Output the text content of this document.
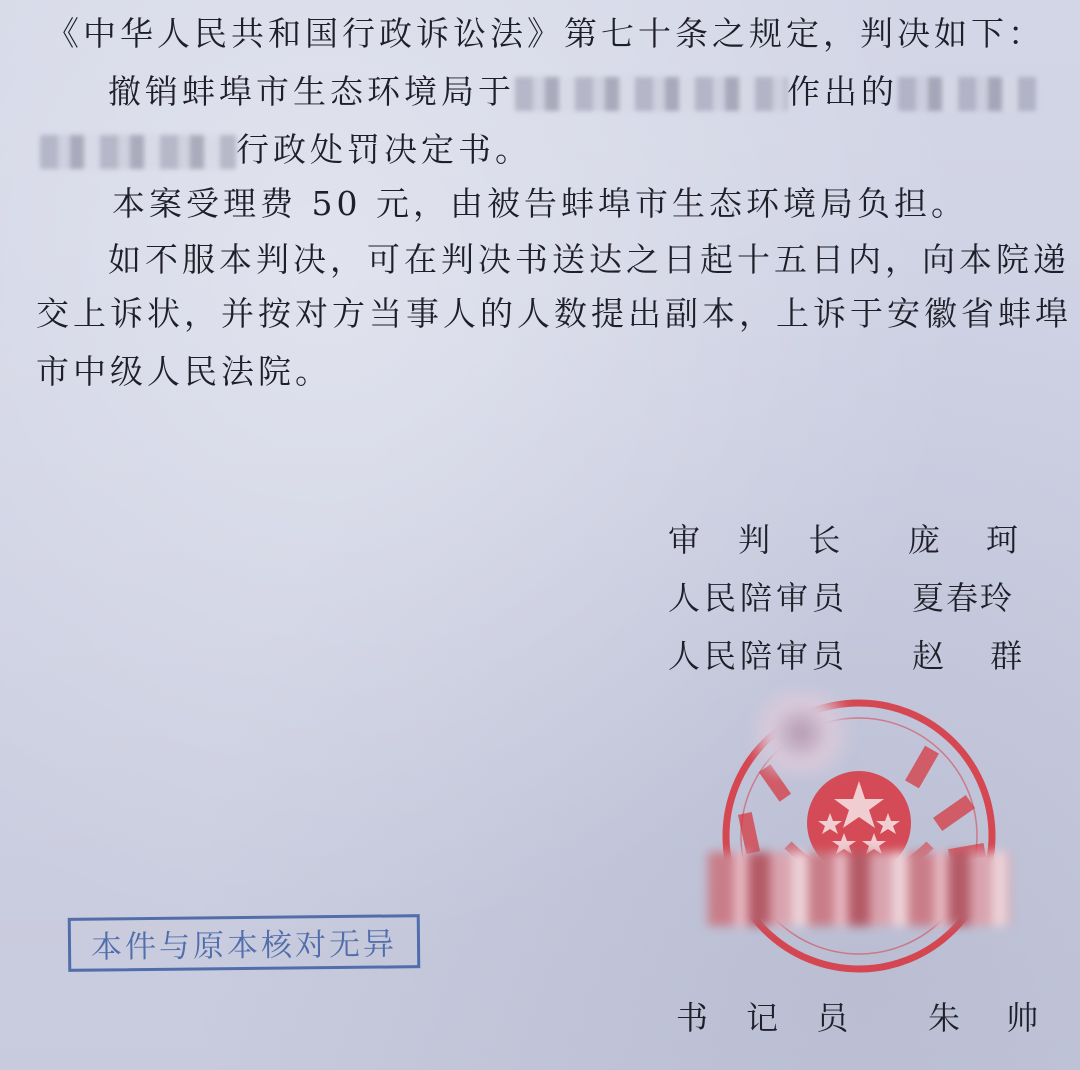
《中华人民共和国行政诉讼法》第七十条之规定，判决如下：
撤销蚌埠市生态环境局于	作出的
行政处罚决定书。
本案受理费 50 元，由被告蚌埠市生态环境局负担。
如不服本判决，可在判决书送达之日起十五日内，向本院递
交上诉状，并按对方当事人的人数提出副本，上诉于安徽省蚌埠
市中级人民法院。
审 判 长 庞 珂
人民陪审员 夏春玲
人民陪审员 赵 群
本件与原本核对无异
书 记 员 朱 帅
